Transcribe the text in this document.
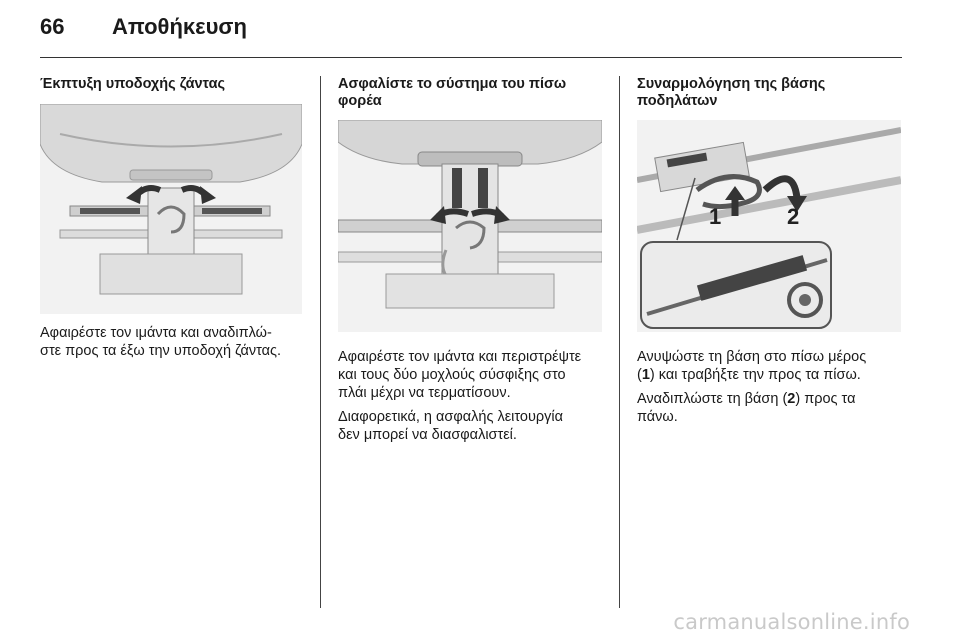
66 Αποθήκευση
Έκπτυξη υποδοχής ζάντας

Αφαιρέστε τον ιμάντα και αναδιπλώ-

στε προς τα έξω την υποδοχή ζάντας.

Ασφαλίστε το σύστημα του πίσω
φορέα

Αφαιρέστε τον ιμάντα και περιστρέψτε

και τους δύο μοχλούς σύσφιξης στο

πλάι μέχρι να τερματίσουν.

Διαφορετικά, η ασφαλής λειτουργία

δεν μπορεί να διασφαλιστεί.

Συναρμολόγηση της βάσης
ποδηλάτων
1	2

Ανυψώστε τη βάση στο πίσω μέρος

(1) και τραβήξτε την προς τα πίσω.

Αναδιπλώστε τη βάση (2) προς τα

πάνω.

carmanualsonline.info
